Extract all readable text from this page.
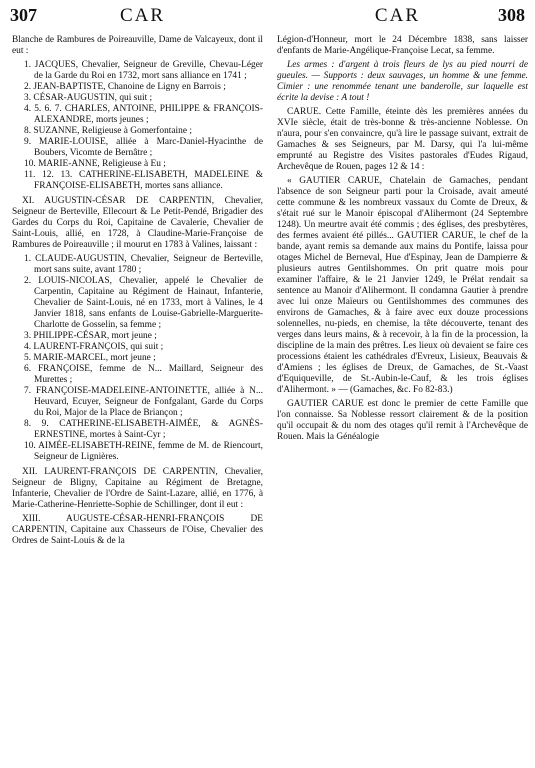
307	CAR	CAR	308

Blanche de Rambures de Poireauville, Dame de Valcayeux, dont il eut :

1. JACQUES, Chevalier, Seigneur de Greville, Chevau-Léger de la Garde du Roi en 1732, mort sans alliance en 1741 ;
2. JEAN-BAPTISTE, Chanoine de Ligny en Barrois ;
3. CÉSAR-AUGUSTIN, qui suit ;
4. 5. 6. 7. CHARLES, ANTOINE, PHILIPPE & FRANÇOIS-ALEXANDRE, morts jeunes ;
8. SUZANNE, Religieuse à Gomerfontaine ;
9. MARIE-LOUISE, alliée à Marc-Daniel-Hyacinthe de Boubers, Vicomte de Bernâtre ;
10. MARIE-ANNE, Religieuse à Eu ;
11. 12. 13. CATHERINE-ELISABETH, MADELEINE & FRANÇOISE-ELISABETH, mortes sans alliance.

XI. AUGUSTIN-CÉSAR DE CARPENTIN, Chevalier, Seigneur de Berteville, Ellecourt & Le Petit-Pendé, Brigadier des Gardes du Corps du Roi, Capitaine de Cavalerie, Chevalier de Saint-Louis, allié, en 1728, à Claudine-Marie-Françoise de Rambures de Poireauville ; il mourut en 1783 à Valines, laissant :

1. CLAUDE-AUGUSTIN, Chevalier, Seigneur de Berteville, mort sans suite, avant 1780 ;
2. LOUIS-NICOLAS, Chevalier, appelé le Chevalier de Carpentin, Capitaine au Régiment de Hainaut, Infanterie, Chevalier de Saint-Louis, né en 1733, mort à Valines, le 4 Janvier 1818, sans enfants de Louise-Gabrielle-Marguerite-Charlotte de Gosselin, sa femme ;
3. PHILIPPE-CÉSAR, mort jeune ;
4. LAURENT-FRANÇOIS, qui suit ;
5. MARIE-MARCEL, mort jeune ;
6. FRANÇOISE, femme de N... Maillard, Seigneur des Murettes ;
7. FRANÇOISE-MADELEINE-ANTOINETTE, alliée à N... Heuvard, Ecuyer, Seigneur de Fonfgalant, Garde du Corps du Roi, Major de la Place de Briançon ;
8. 9. CATHERINE-ELISABETH-AIMÉE, & AGNÈS-ERNESTINE, mortes à Saint-Cyr ;
10. AIMÉE-ELISABETH-REINE, femme de M. de Riencourt, Seigneur de Lignières.

XII. LAURENT-FRANÇOIS DE CARPENTIN, Chevalier, Seigneur de Bligny, Capitaine au Régiment de Bretagne, Infanterie, Chevalier de l'Ordre de Saint-Lazare, allié, en 1776, à Marie-Catherine-Henriette-Sophie de Schillinger, dont il eut :

XIII. AUGUSTE-CÉSAR-HENRI-FRANÇOIS DE CARPENTIN, Capitaine aux Chasseurs de l'Oise, Chevalier des Ordres de Saint-Louis & de la

Légion-d'Honneur, mort le 24 Décembre 1838, sans laisser d'enfants de Marie-Angélique-Françoise Lecat, sa femme.

Les armes : d'argent à trois fleurs de lys au pied nourri de gueules. — Supports : deux sauvages, un homme & une femme. Cimier : une renommée tenant une banderolle, sur laquelle est écrite la devise : A tout !

CARUE. Cette Famille, éteinte dès les premières années du XVIe siècle, était de très-bonne & très-ancienne Noblesse. On n'aura, pour s'en convaincre, qu'à lire le passage suivant, extrait de Gamaches & ses Seigneurs, par M. Darsy, qui l'a lui-même emprunté au Registre des Visites pastorales d'Eudes Rigaud, Archevêque de Rouen, pages 12 & 14 :

« GAUTIER CARUE, Chatelain de Gamaches, pendant l'absence de son Seigneur parti pour la Croisade, avait ameuté cette commune & les nombreux vassaux du Comte de Dreux, & s'était rué sur le Manoir épiscopal d'Alihermont (24 Septembre 1248). Un meurtre avait été commis ; des églises, des presbytères, des fermes avaient été pillés... GAUTIER CARUE, le chef de la bande, ayant remis sa demande aux mains du Pontife, laissa pour otages Michel de Berneval, Hue d'Espinay, Jean de Dampierre & plusieurs autres Gentilshommes. On prit quatre mois pour examiner l'affaire, & le 21 Janvier 1249, le Prélat rendait sa sentence au Manoir d'Alihermont. Il condamna Gautier à prendre avec lui onze Maïeurs ou Gentilshommes des communes des environs de Gamaches, & à faire avec eux douze processions solennelles, nu-pieds, en chemise, la tête découverte, tenant des verges dans leurs mains, & à recevoir, à la fin de la procession, la discipline de la main des prêtres. Les lieux où devaient se faire ces processions étaient les cathédrales d'Evreux, Lisieux, Beauvais & d'Amiens ; les églises de Dreux, de Gamaches, de St.-Vaast d'Equiqueville, de St.-Aubin-le-Cauf, & les trois églises d'Alihermont. » — (Gamaches, &c. Fo 82-83.)

GAUTIER CARUE est donc le premier de cette Famille que l'on connaisse. Sa Noblesse ressort clairement & de la position qu'il occupait & du nom des otages qu'il remit à l'Archevêque de Rouen. Mais la Généalogie
